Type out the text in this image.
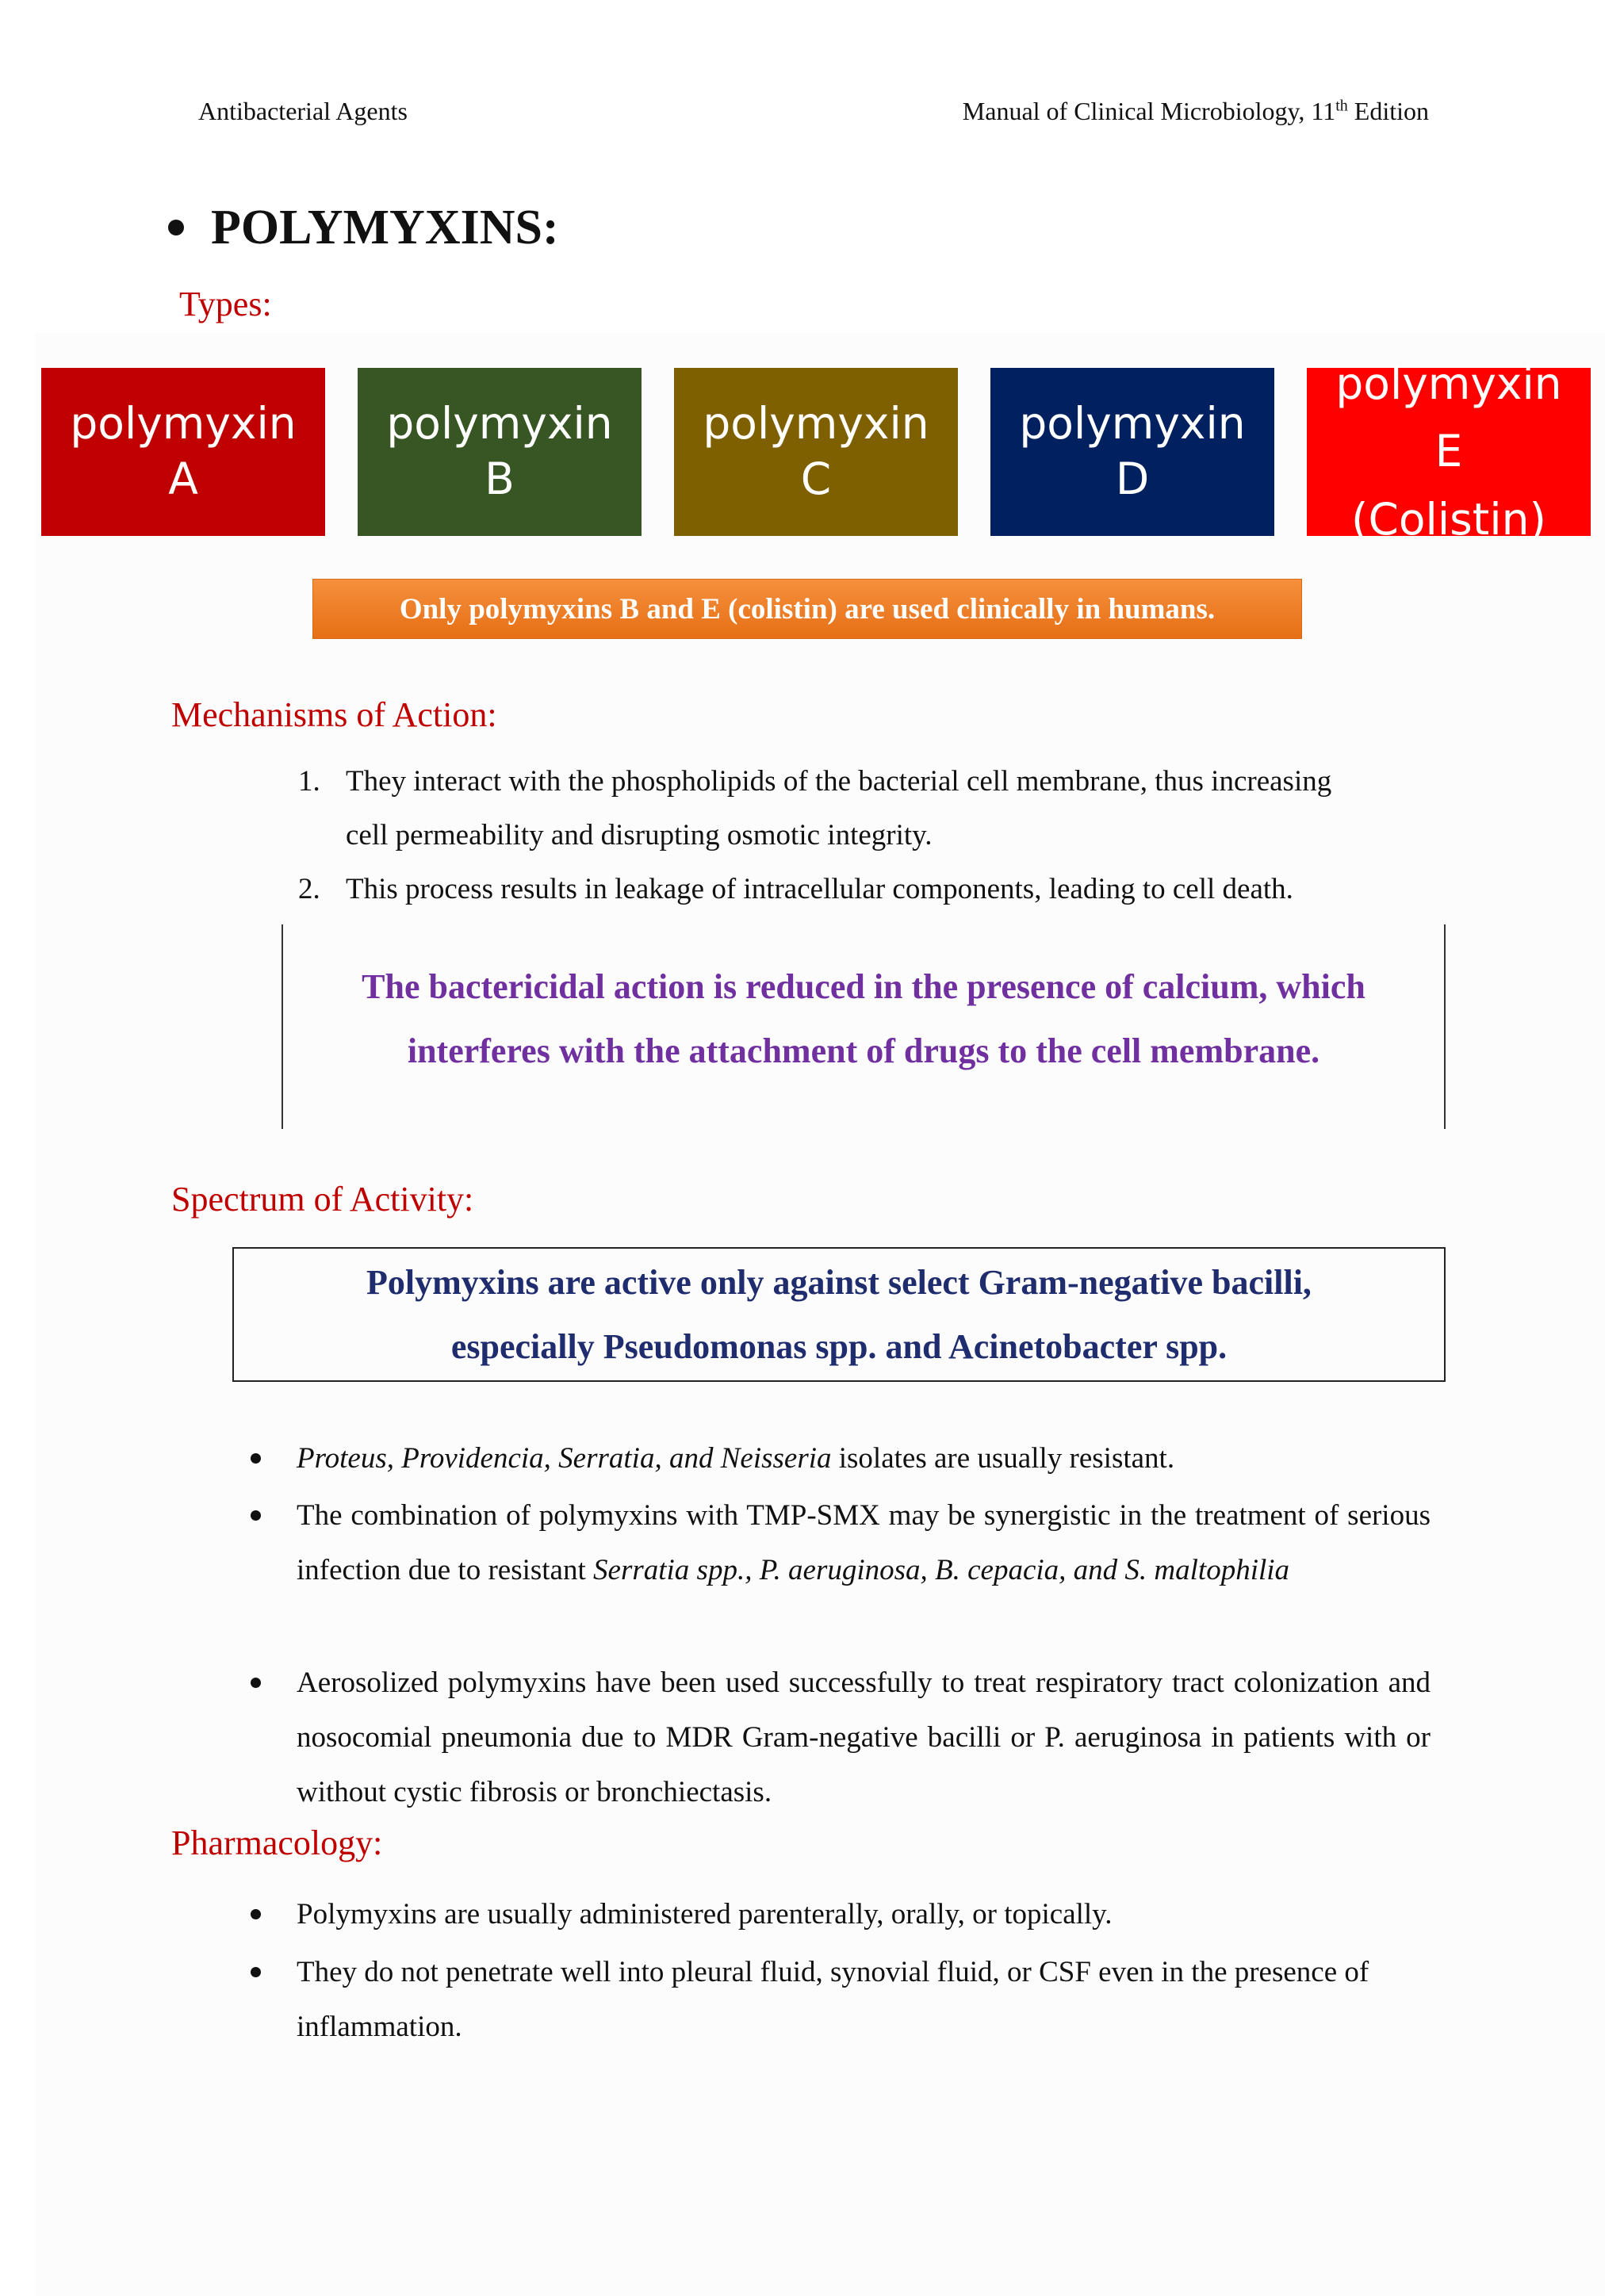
Antibacterial Agents	Manual of Clinical Microbiology, 11th Edition
POLYMYXINS:
Types:
polymyxin
A
polymyxin B
polymyxin C
polymyxin
D
polymyxin E
(Colistin)
Only polymyxins B and E (colistin) are used clinically in humans.
Mechanisms of Action:
1. They interact with the phospholipids of the bacterial cell membrane, thus increasing
cell permeability and disrupting osmotic integrity.
2. This process results in leakage of intracellular components, leading to cell death.
The bactericidal action is reduced in the presence of calcium, which
interferes with the attachment of drugs to the cell membrane.
Spectrum of Activity:
Polymyxins are active only against select Gram-negative bacilli,
especially Pseudomonas spp. and Acinetobacter spp.
Proteus, Providencia, Serratia, and Neisseria isolates are usually resistant.
The combination of polymyxins with TMP-SMX may be synergistic in the treatment of serious infection due to resistant Serratia spp., P. aeruginosa, B. cepacia, and S. maltophilia
Aerosolized polymyxins have been used successfully to treat respiratory tract colonization and nosocomial pneumonia due to MDR Gram-negative bacilli or P. aeruginosa in patients with or without cystic fibrosis or bronchiectasis.
Pharmacology:
Polymyxins are usually administered parenterally, orally, or topically.
They do not penetrate well into pleural fluid, synovial fluid, or CSF even in the presence of inflammation.
